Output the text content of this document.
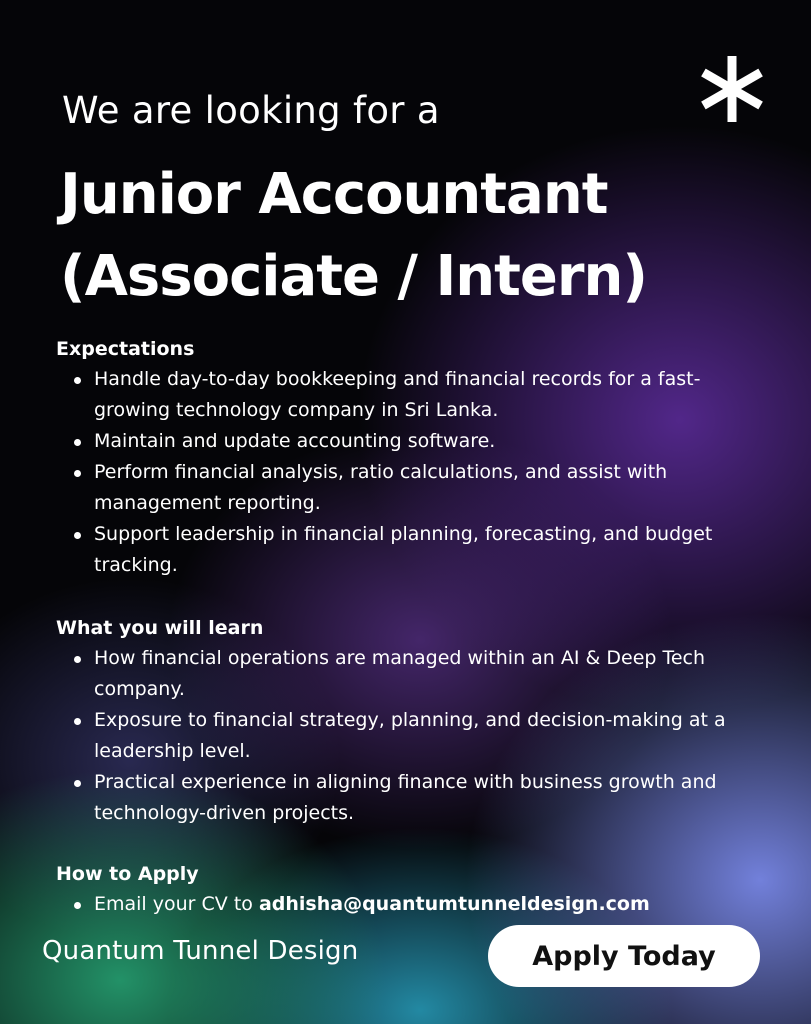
We are looking for a
Junior Accountant
(Associate / Intern)
Expectations
Handle day-to-day bookkeeping and financial records for a fast-growing technology company in Sri Lanka.
Maintain and update accounting software.
Perform financial analysis, ratio calculations, and assist with management reporting.
Support leadership in financial planning, forecasting, and budget tracking.
What you will learn
How financial operations are managed within an AI & Deep Tech company.
Exposure to financial strategy, planning, and decision-making at a leadership level.
Practical experience in aligning finance with business growth and technology-driven projects.
How to Apply
Email your CV to adhisha@quantumtunneldesign.com
Quantum Tunnel Design	Apply Today
